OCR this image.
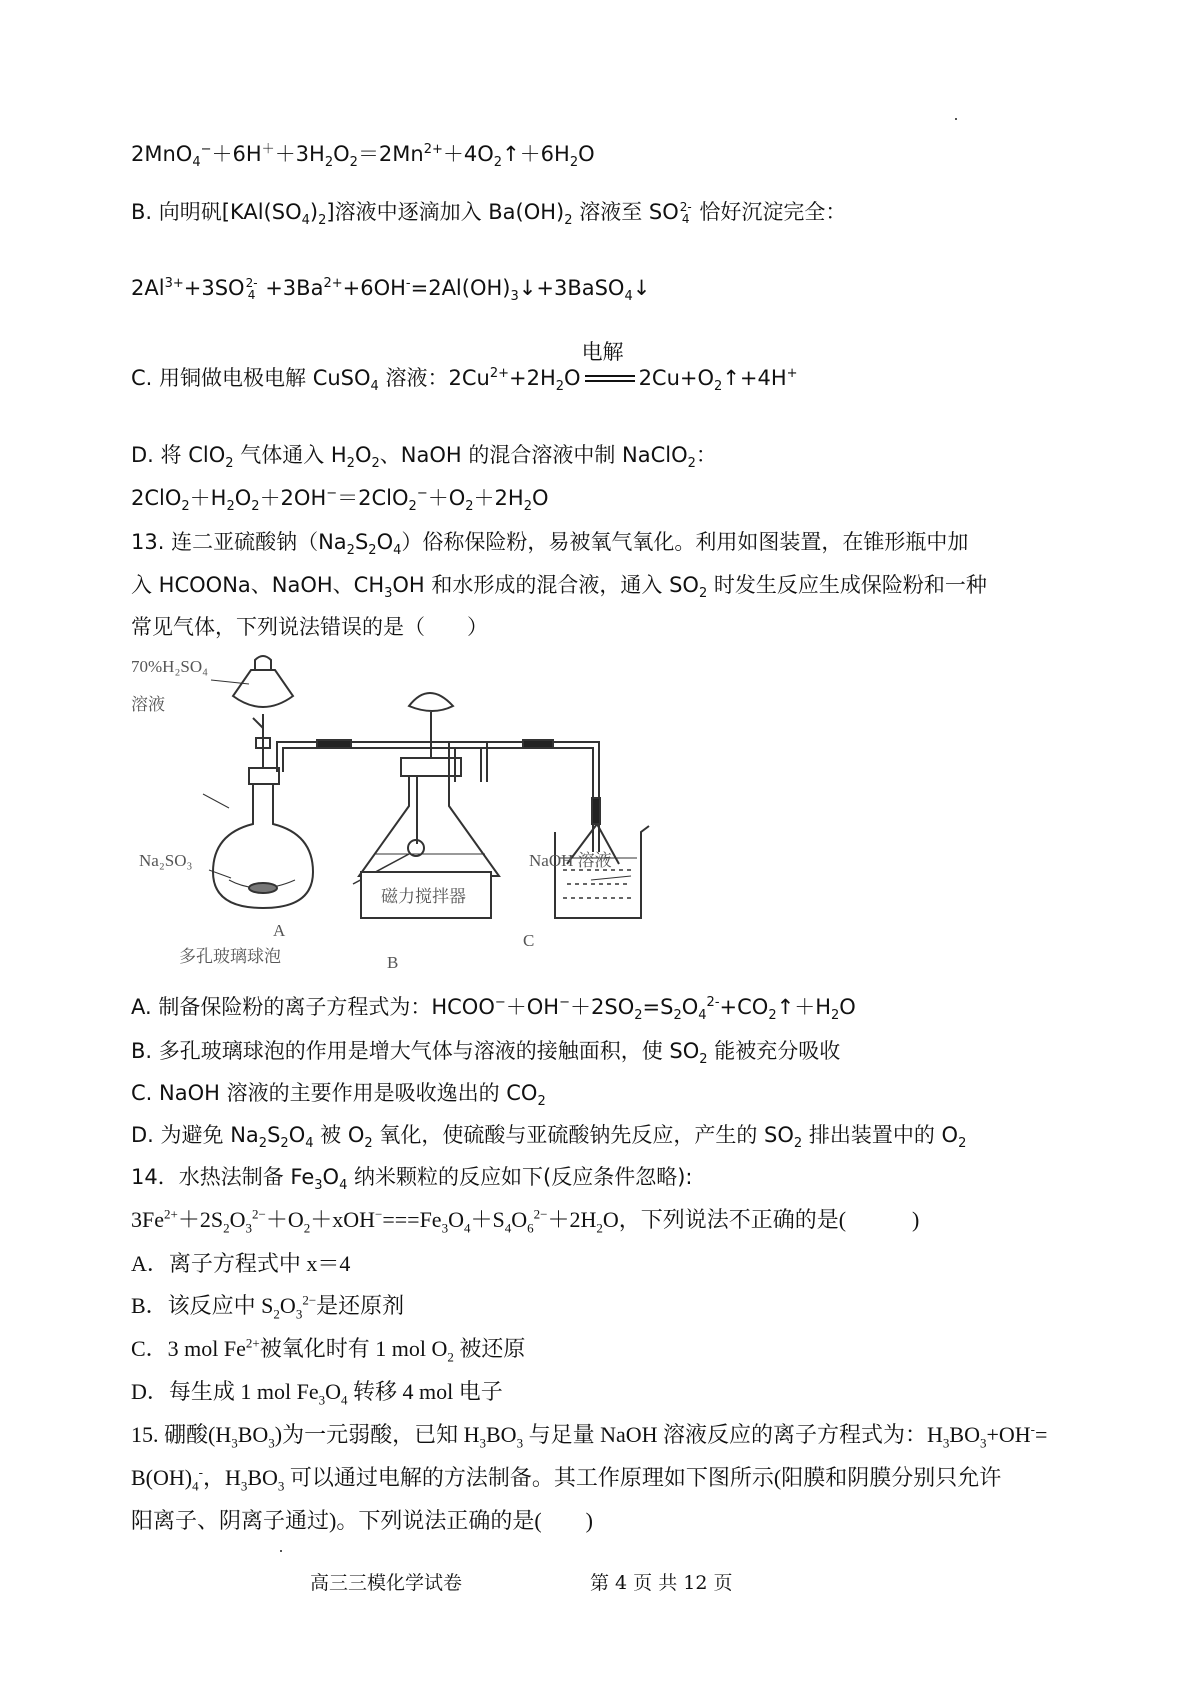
$2MnO_4^-+6H^++3H_2O_2=2Mn^{2+}+4O_2↑+6H_2O$
B. 向明矾$[KAl(SO_4)_2]$溶液中逐滴加入 $Ba(OH)_2$ 溶液至 SO 2-
4 恰好沉淀完全：
$2Al^{3+}+3SO$ 2-
$4 +3Ba^{2+}+6OH^-=2Al(OH)_3↓+3BaSO_4↓$
C. 用铜做电极电解 CuSO$_4$ 溶液：$2Cu^{2+}+2H_2O$
电解
$2Cu+O_2↑+4H^+$
D. 将 ClO$_2$ 气体通入 $H_2O_2$、NaOH 的混合溶液中制 NaClO$_2$：
$2ClO_2+H_2O_2+2OH^-=2ClO_2^-+O_2+2H_2O$
13. 连二亚硫酸钠$(Na_2S_2O_4)$俗称保险粉，易被氧气氧化。利用如图装置，在锥形瓶中加
入 HCOONa、NaOH、$CH_3OH$ 和水形成的混合液，通入 $SO_2$ 时发生反应生成保险粉和一种
常见气体，下列说法错误的是（　　）
70%H₂SO₄
溶液
Na₂SO₃
A
多孔玻璃球泡
磁力搅拌器
B
NaOH 溶液
C
A. 制备保险粉的离子方程式为：$HCOO^-+OH^-+2SO_2=S_2O_4^{2-}+CO_2↑+H_2O$
B. 多孔玻璃球泡的作用是增大气体与溶液的接触面积，使 $SO_2$ 能被充分吸收
C. NaOH 溶液的主要作用是吸收逸出的 $CO_2$
D. 为避免 $Na_2S_2O_4$ 被 $O_2$ 氧化，使硫酸与亚硫酸钠先反应，产生的 $SO_2$ 排出装置中的 $O_2$
14．水热法制备 $Fe_3O_4$ 纳米颗粒的反应如下(反应条件忽略):
$3Fe^{2+}+2S_2O_3^{2-}+O_2+xOH^-===Fe_3O_4+S_4O_6^{2-}+2H_2O$，下列说法不正确的是(　　　)
A．离子方程式中 x＝4
B．该反应中 $S_2O_3^{2-}$是还原剂
C．3 mol $Fe^{2+}$被氧化时有 1 mol $O_2$ 被还原
D．每生成 1 mol $Fe_3O_4$ 转移 4 mol 电子
15. 硼酸$(H_3BO_3)$为一元弱酸，已知 $H_3BO_3$ 与足量 NaOH 溶液反应的离子方程式为：$H_3BO_3+OH^-=$
$B(OH)_4^-$，$H_3BO_3$ 可以通过电解的方法制备。其工作原理如下图所示(阳膜和阴膜分别只允许
阳离子、阴离子通过)。下列说法正确的是(　　)
高三三模化学试卷	第 4 页 共 12 页
